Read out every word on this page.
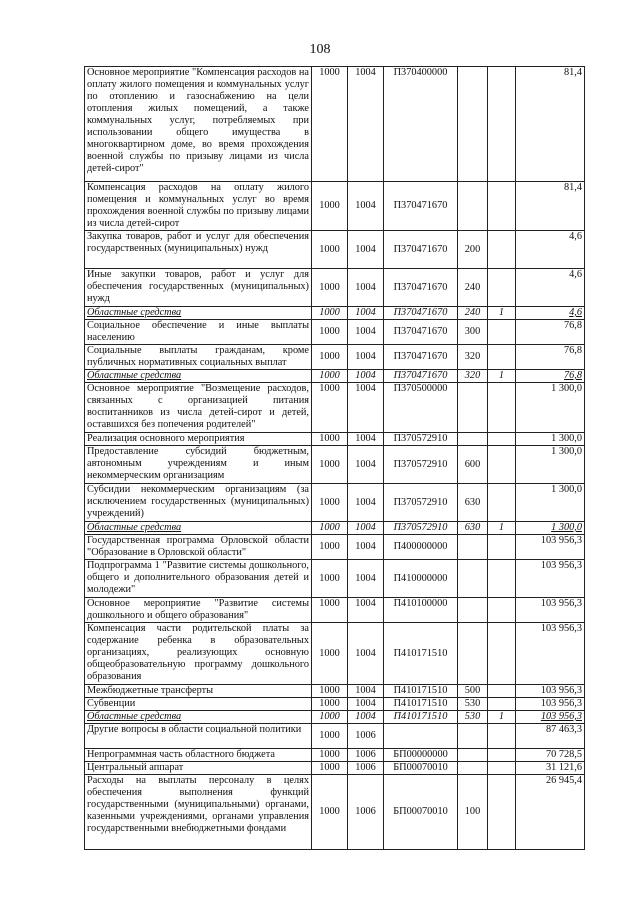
108
Основное мероприятие "Компенсация расходов на оплату жилого помещения и коммунальных услуг по отоплению и газоснабжению на цели отопления жилых помещений, а также коммунальных услуг, потребляемых при использовании общего имущества в многоквартирном доме, во время прохождения военной службы по призыву лицами из числа детей-сирот"	1000	1004	П370400000			81,4
Компенсация расходов на оплату жилого помещения и коммунальных услуг во время прохождения военной службы по призыву лицами из числа детей-сирот	1000	1004	П370471670			81,4
Закупка товаров, работ и услуг для обеспечения государственных (муниципальных) нужд	1000	1004	П370471670	200		4,6
Иные закупки товаров, работ и услуг для обеспечения государственных (муниципальных) нужд	1000	1004	П370471670	240		4,6
Областные средства	1000	1004	П370471670	240	1	4,6
Социальное обеспечение и иные выплаты населению	1000	1004	П370471670	300		76,8
Социальные выплаты гражданам, кроме публичных нормативных социальных выплат	1000	1004	П370471670	320		76,8
Областные средства	1000	1004	П370471670	320	1	76,8
Основное мероприятие "Возмещение расходов, связанных с организацией питания воспитанников из числа детей-сирот и детей, оставшихся без попечения родителей"	1000	1004	П370500000			1 300,0
Реализация основного мероприятия	1000	1004	П370572910			1 300,0
Предоставление субсидий бюджетным, автономным учреждениям и иным некоммерческим организациям	1000	1004	П370572910	600		1 300,0
Субсидии некоммерческим организациям (за исключением государственных (муниципальных) учреждений)	1000	1004	П370572910	630		1 300,0
Областные средства	1000	1004	П370572910	630	1	1 300,0
Государственная программа Орловской области "Образование в Орловской области"	1000	1004	П400000000			103 956,3
Подпрограмма 1 "Развитие системы дошкольного, общего и дополнительного образования детей и молодежи"	1000	1004	П410000000			103 956,3
Основное мероприятие "Развитие системы дошкольного и общего образования"	1000	1004	П410100000			103 956,3
Компенсация части родительской платы за содержание ребенка в образовательных организациях, реализующих основную общеобразовательную программу дошкольного образования	1000	1004	П410171510			103 956,3
Межбюджетные трансферты	1000	1004	П410171510	500		103 956,3
Субвенции	1000	1004	П410171510	530		103 956,3
Областные средства	1000	1004	П410171510	530	1	103 956,3
Другие вопросы в области социальной политики	1000	1006				87 463,3
Непрограммная часть областного бюджета	1000	1006	БП00000000			70 728,5
Центральный аппарат	1000	1006	БП00070010			31 121,6
Расходы на выплаты персоналу в целях обеспечения выполнения функций государственными (муниципальными) органами, казенными учреждениями, органами управления государственными внебюджетными фондами	1000	1006	БП00070010	100		26 945,4
